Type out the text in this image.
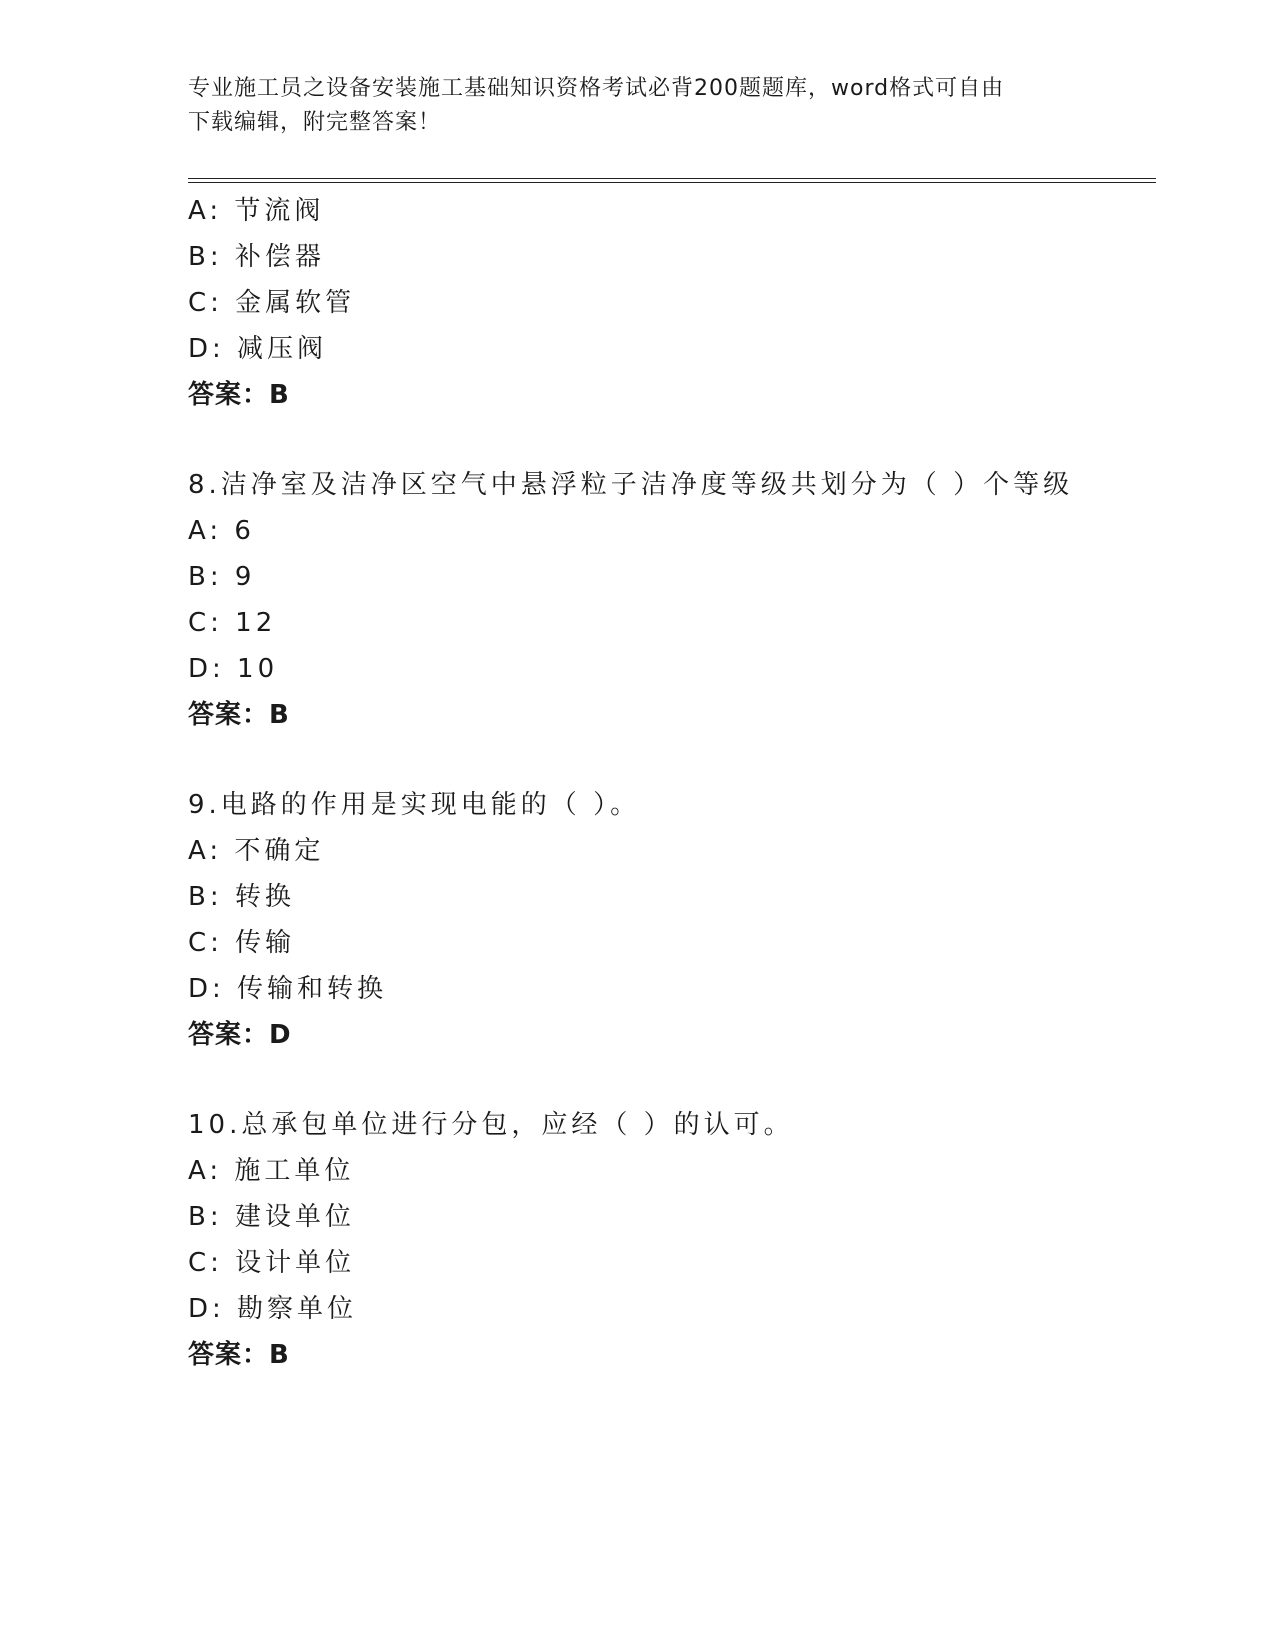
专业施工员之设备安装施工基础知识资格考试必背200题题库，word格式可自由
下载编辑，附完整答案！
A: 节流阀
B: 补偿器
C: 金属软管
D: 减压阀
答案：B
8.洁净室及洁净区空气中悬浮粒子洁净度等级共划分为（ ）个等级
A: 6
B: 9
C: 12
D: 10
答案：B
9.电路的作用是实现电能的（ ）。
A: 不确定
B: 转换
C: 传输
D: 传输和转换
答案：D
10.总承包单位进行分包，应经（ ）的认可。
A: 施工单位
B: 建设单位
C: 设计单位
D: 勘察单位
答案：B
